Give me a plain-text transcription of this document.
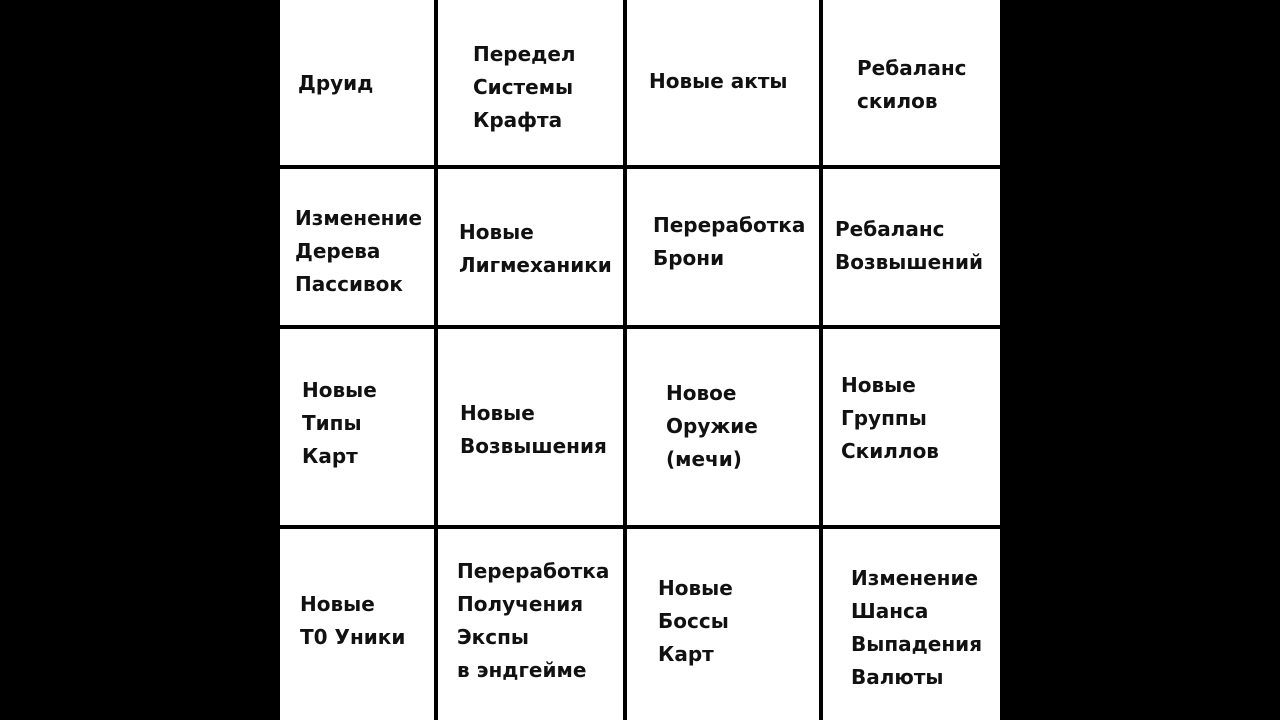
Друид
Передел
Системы
Крафта
Новые акты
Ребаланс
скилов
Изменение
Дерева
Пассивок
Новые
Лигмеханики
Переработка
Брони
Ребаланс
Возвышений
Новые
Типы
Карт
Новые
Возвышения
Новое
Оружие
(мечи)
Новые
Группы
Скиллов
Новые
Т0 Уники
Переработка
Получения
Экспы
в эндгейме
Новые
Боссы
Карт
Изменение
Шанса
Выпадения
Валюты
